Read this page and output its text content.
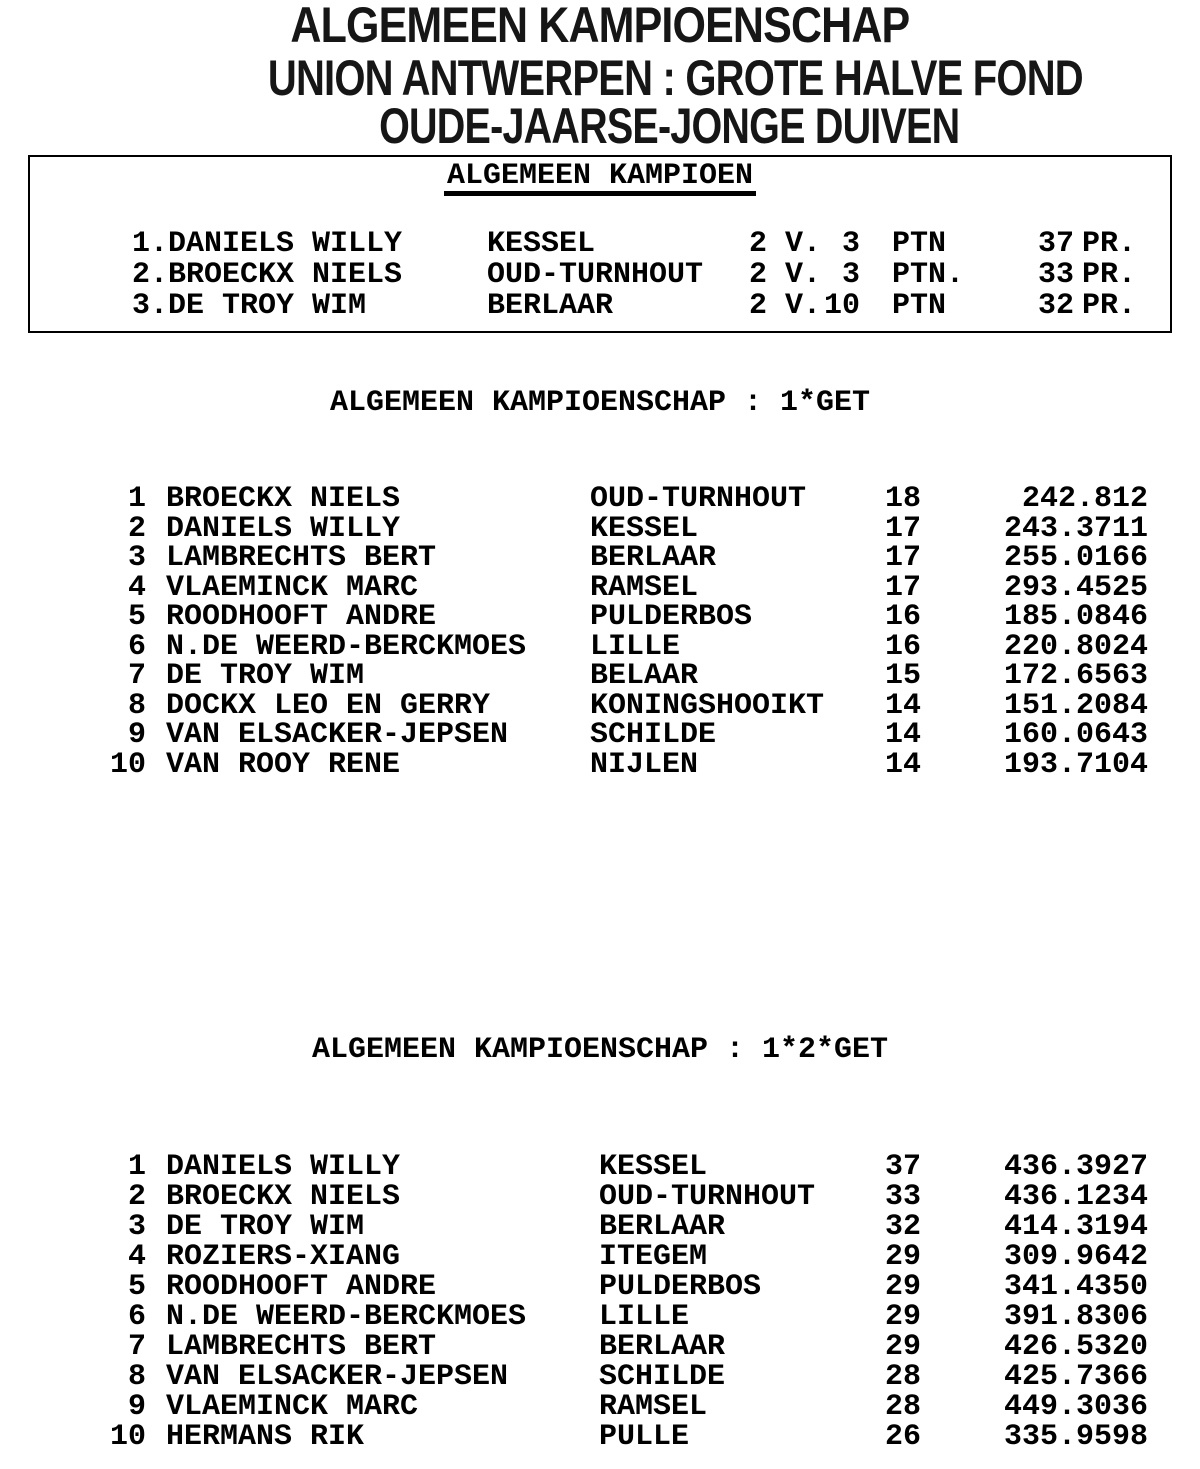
ALGEMEEN KAMPIOENSCHAP
UNION ANTWERPEN : GROTE HALVE FOND
OUDE-JAARSE-JONGE DUIVEN
ALGEMEEN KAMPIOEN
1.DANIELS WILLY	KESSEL	2 V. 3 PTN	37 PR.
2.BROECKX NIELS	OUD-TURNHOUT 2 V. 3 PTN. 33 PR.
3.DE TROY WIM	BERLAAR	2 V. 10 PTN	32 PR.
ALGEMEEN KAMPIOENSCHAP : 1*GET
1 BROECKX NIELS	OUD-TURNHOUT	18	242.812
2 DANIELS WILLY	KESSEL	17	243.3711
3 LAMBRECHTS BERT	BERLAAR	17	255.0166
4 VLAEMINCK MARC	RAMSEL	17	293.4525
5 ROODHOOFT ANDRE	PULDERBOS	16	185.0846
6 N.DE WEERD-BERCKMOES LILLE	16	220.8024
7 DE TROY WIM	BELAAR	15	172.6563
8 DOCKX LEO EN GERRY	KONINGSHOOIKT 14	151.2084
9 VAN ELSACKER-JEPSEN	SCHILDE	14	160.0643
10 VAN ROOY RENE	NIJLEN	14	193.7104
ALGEMEEN KAMPIOENSCHAP : 1*2*GET
1 DANIELS WILLY	KESSEL	37	436.3927
2 BROECKX NIELS	OUD-TURNHOUT 33	436.1234
3 DE TROY WIM	BERLAAR	32	414.3194
4 ROZIERS-XIANG	ITEGEM	29	309.9642
5 ROODHOOFT ANDRE	PULDERBOS	29	341.4350
6 N.DE WEERD-BERCKMOES LILLE	29	391.8306
7 LAMBRECHTS BERT	BERLAAR	29	426.5320
8 VAN ELSACKER-JEPSEN	SCHILDE	28	425.7366
9 VLAEMINCK MARC	RAMSEL	28	449.3036
10 HERMANS RIK	PULLE	26	335.9598
